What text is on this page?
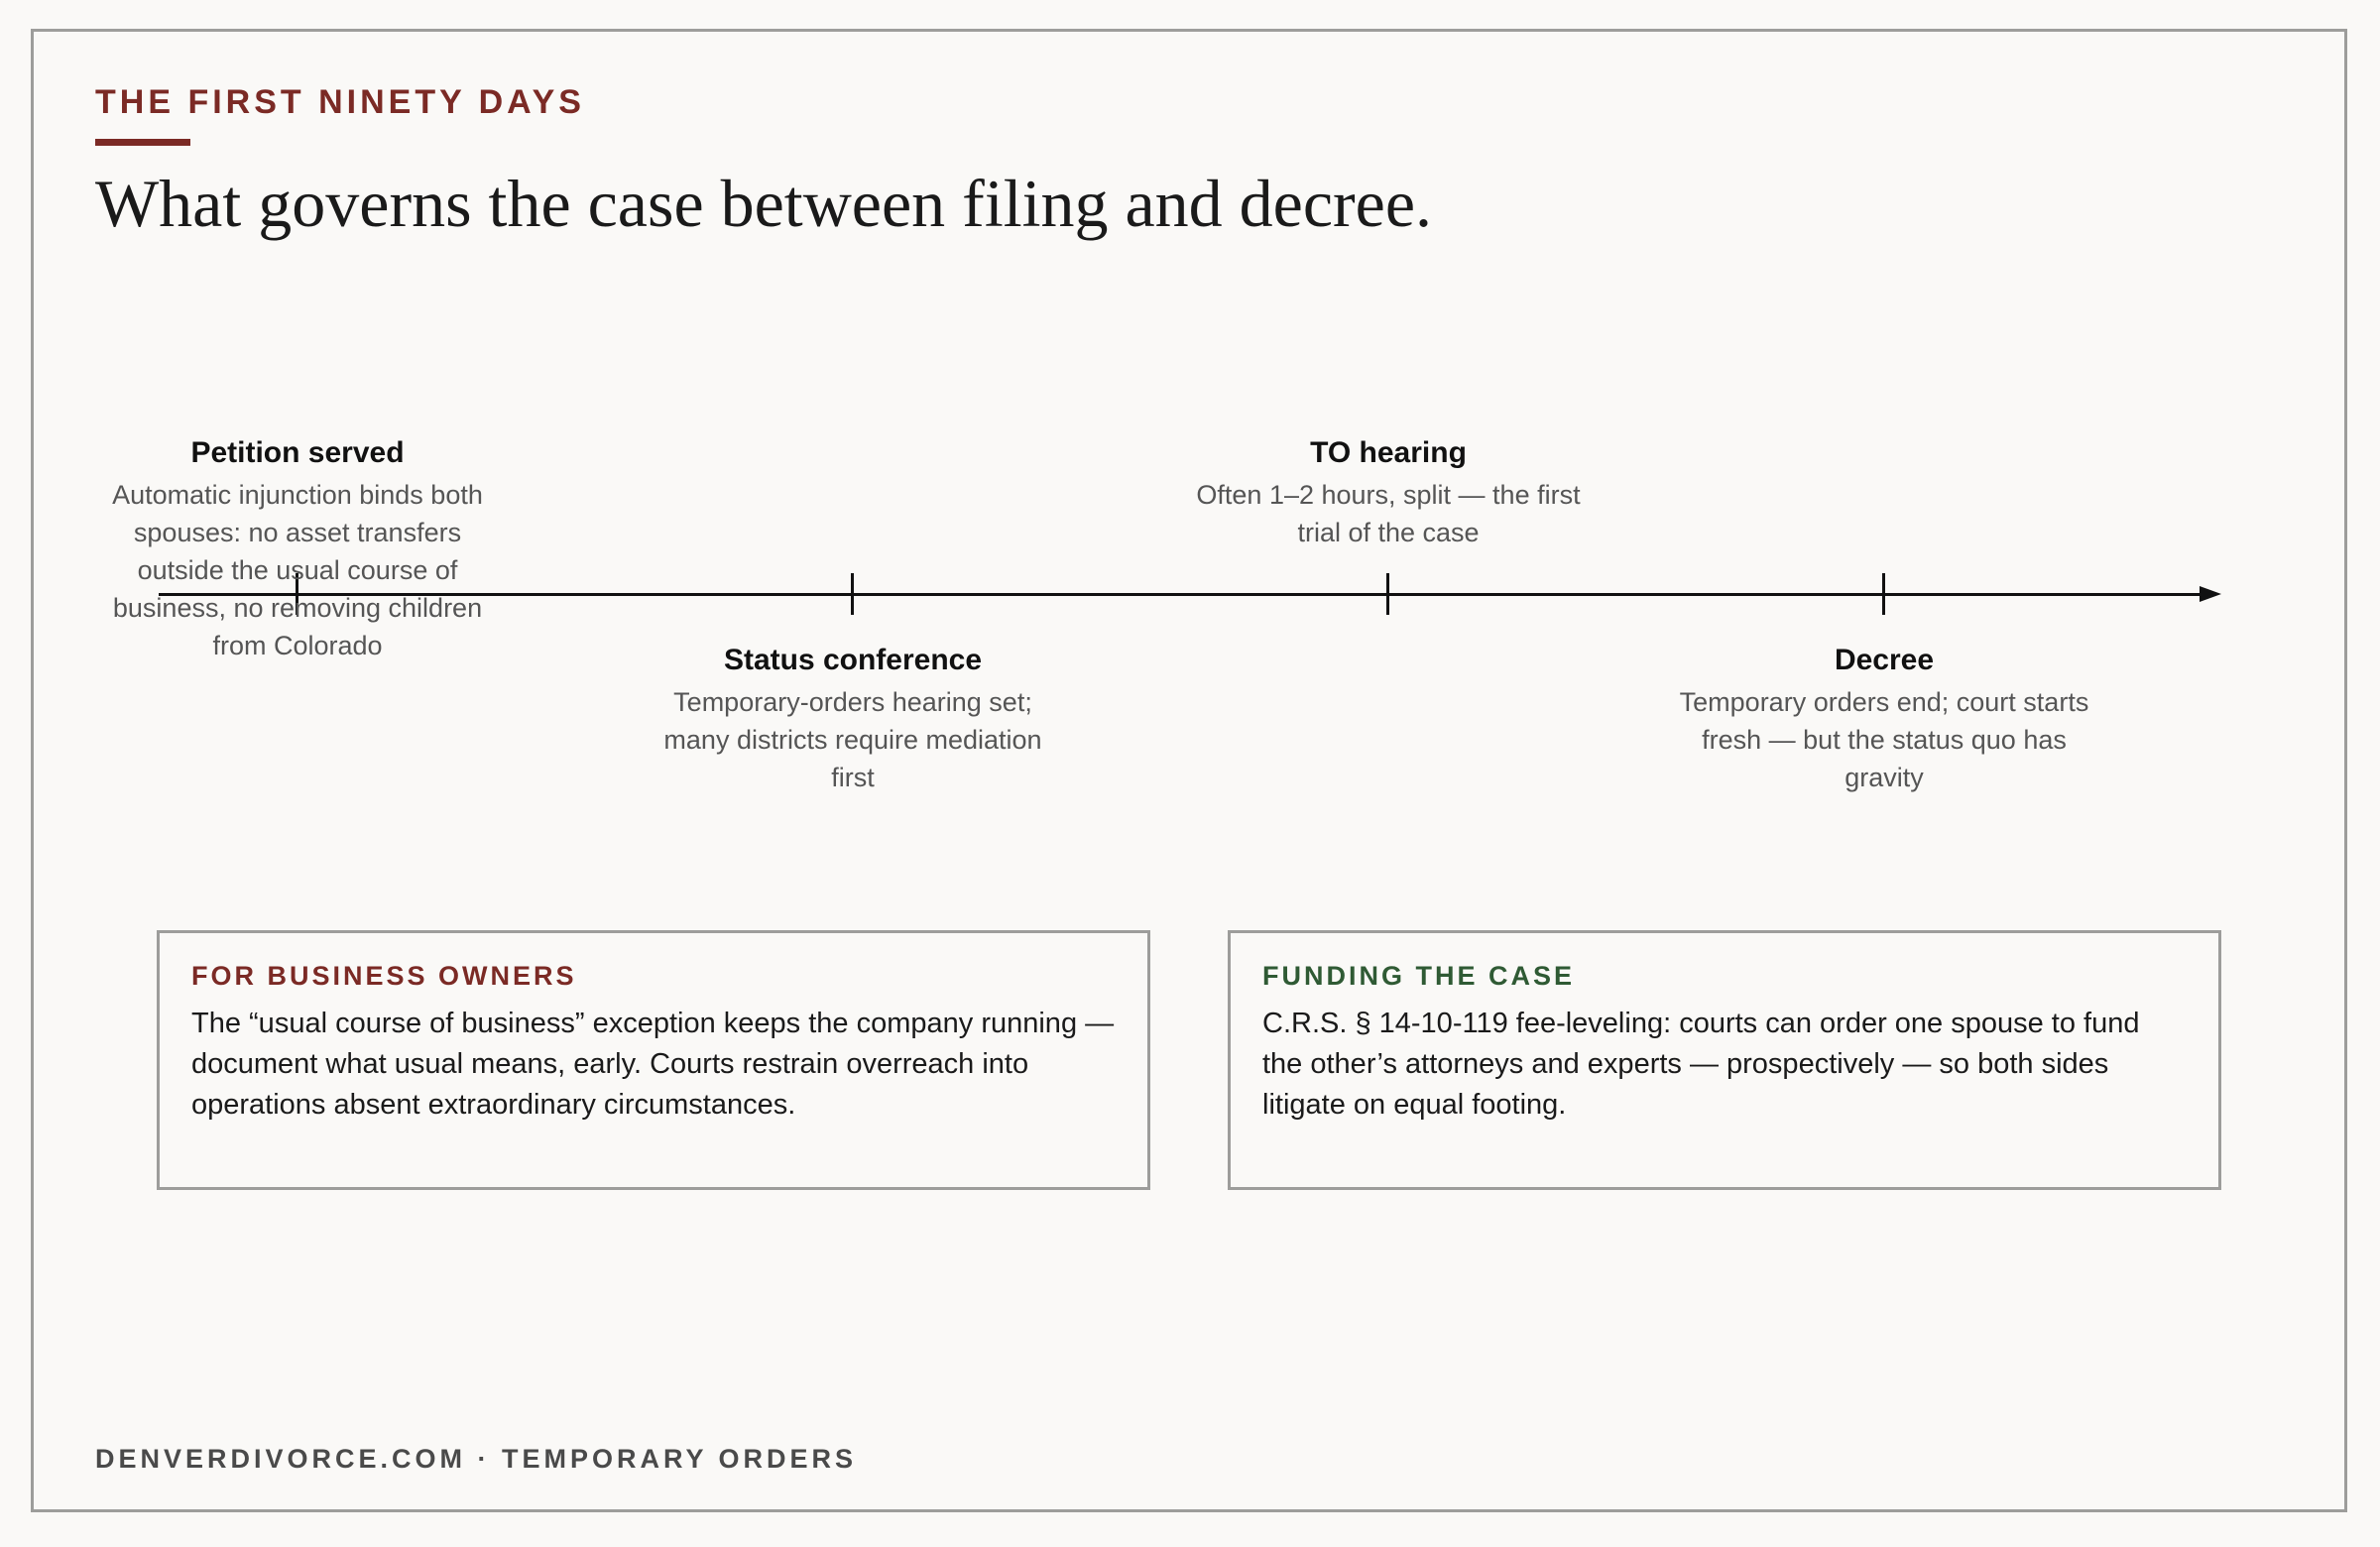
THE FIRST NINETY DAYS
What governs the case between filing and decree.
Petition served
Automatic injunction binds both spouses: no asset transfers outside the usual course of business, no removing children from Colorado	Status conference
Temporary-orders hearing set; many districts require mediation first
TO hearing
Often 1–2 hours, split — the first trial of the case
Decree
Temporary orders end; court starts fresh — but the status quo has gravity
FOR BUSINESS OWNERS
The “usual course of business” exception keeps the company running — document what usual means, early. Courts restrain overreach into operations absent extraordinary circumstances.
FUNDING THE CASE
C.R.S. § 14-10-119 fee-leveling: courts can order one spouse to fund the other’s attorneys and experts — prospectively — so both sides litigate on equal footing.
DENVERDIVORCE.COM · TEMPORARY ORDERS
